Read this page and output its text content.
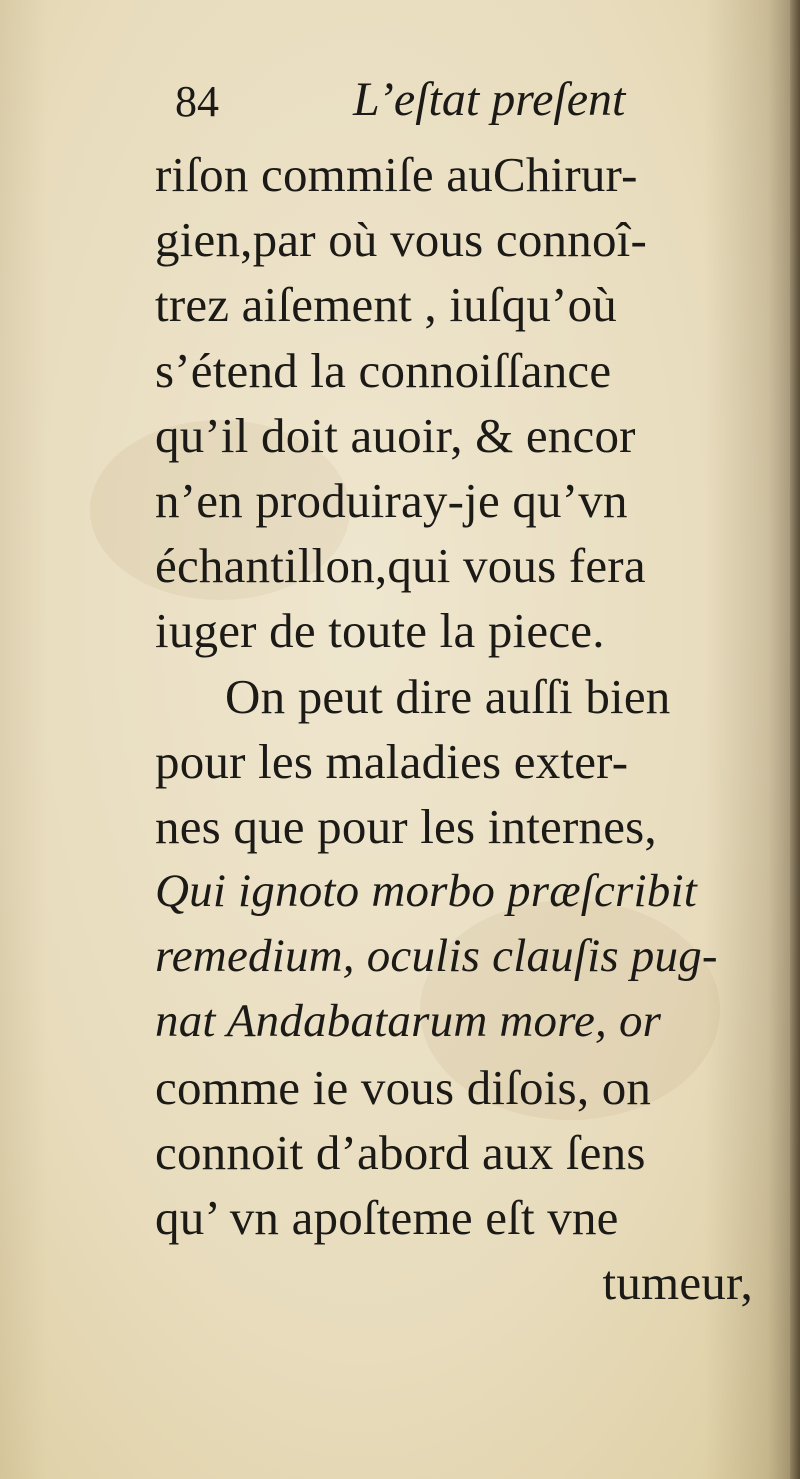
84	L’eſtat preſent
riſon commiſe auChirur-
gien,par où vous connoî-
trez aiſement , iuſqu’où
s’étend la connoiſſance
qu’il doit auoir, & encor
n’en produiray-je qu’vn
échantillon,qui vous fera
iuger de toute la piece.
On peut dire auſſi bien
pour les maladies exter-
nes que pour les internes,
Qui ignoto morbo præſcribit
remedium, oculis clauſis pug-
nat Andabatarum more, or
comme ie vous diſois, on
connoit d’abord aux ſens
qu’ vn apoſteme eſt vne
tumeur,
